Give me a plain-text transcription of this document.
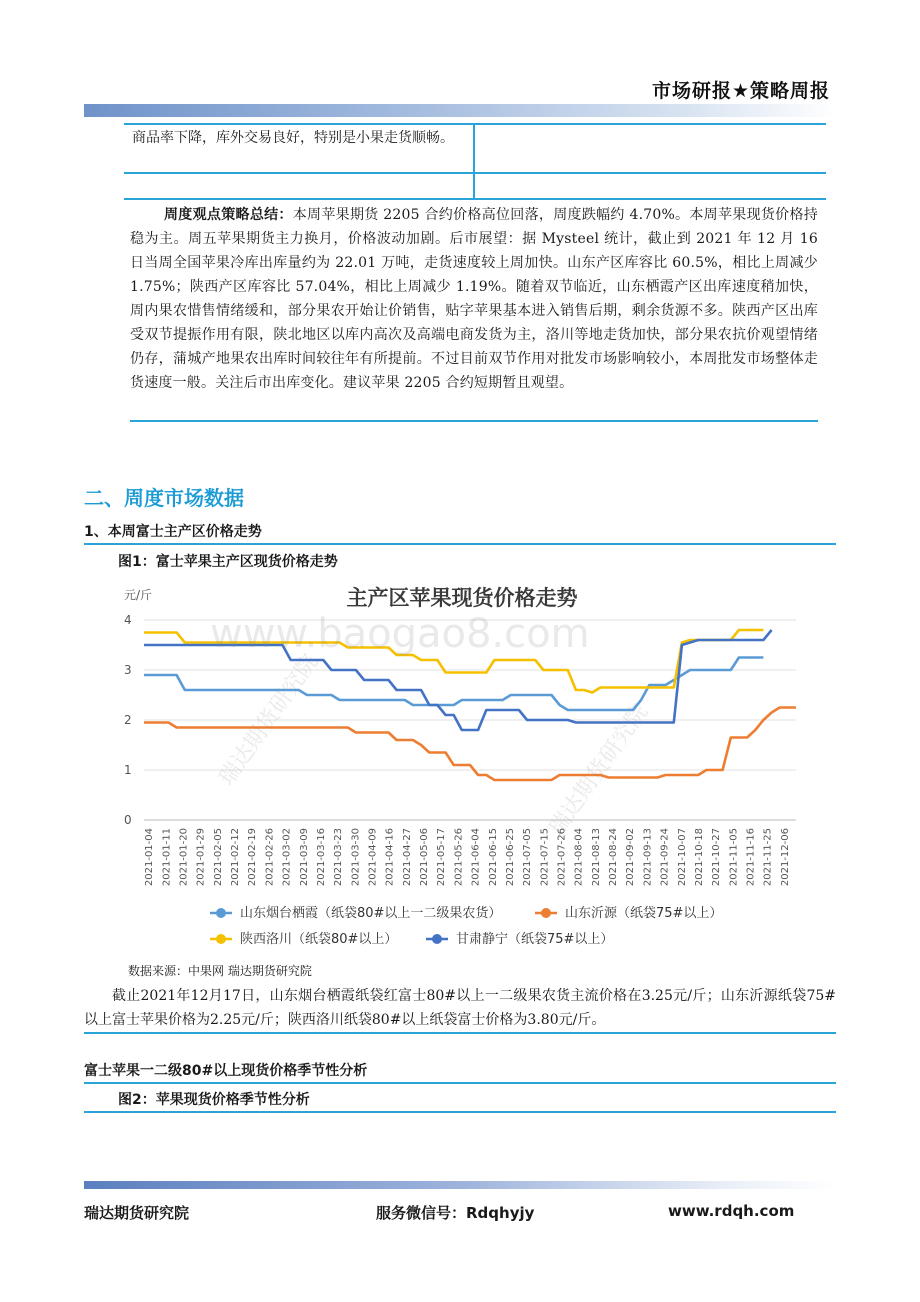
市场研报★策略周报
商品率下降，库外交易良好，特别是小果走货顺畅。
周度观点策略总结：本周苹果期货 2205 合约价格高位回落，周度跌幅约 4.70%。本周苹果现货价格持稳为主。周五苹果期货主力换月，价格波动加剧。后市展望：据 Mysteel 统计，截止到 2021 年 12 月 16 日当周全国苹果冷库出库量约为 22.01 万吨，走货速度较上周加快。山东产区库容比 60.5%，相比上周减少 1.75%；陕西产区库容比 57.04%，相比上周减少 1.19%。随着双节临近，山东栖霞产区出库速度稍加快，周内果农惜售情绪缓和，部分果农开始让价销售，贴字苹果基本进入销售后期，剩余货源不多。陕西产区出库受双节提振作用有限，陕北地区以库内高次及高端电商发货为主，洛川等地走货加快，部分果农抗价观望情绪仍存，蒲城产地果农出库时间较往年有所提前。不过目前双节作用对批发市场影响较小，本周批发市场整体走货速度一般。关注后市出库变化。建议苹果 2205 合约短期暂且观望。
二、周度市场数据
1、本周富士主产区价格走势
图1：富士苹果主产区现货价格走势
主产区苹果现货价格走势
元/斤
0
1
2
3
4
2021-01-04 2021-01-11 2021-01-20 2021-01-29 2021-02-05 2021-02-12 2021-02-19 2021-02-26 2021-03-02 2021-03-09 2021-03-16 2021-03-23 2021-03-30 2021-04-09 2021-04-16 2021-04-27 2021-05-06 2021-05-17 2021-05-26 2021-06-04 2021-06-15 2021-06-25 2021-07-05 2021-07-15 2021-07-26 2021-08-04 2021-08-13 2021-08-24 2021-09-02 2021-09-13 2021-09-24 2021-10-07 2021-10-18 2021-10-27 2021-11-05 2021-11-16 2021-11-25 2021-12-06
山东烟台栖霞（纸袋80#以上一二级果农货）	山东沂源（纸袋75#以上）
陕西洛川（纸袋80#以上）	甘肃静宁（纸袋75#以上）
www.baogao8.com
瑞达期货研究院	瑞达期货研究院
数据来源：中果网 瑞达期货研究院
截止2021年12月17日，山东烟台栖霞纸袋红富士80#以上一二级果农货主流价格在3.25元/斤；山东沂源纸袋75#以上富士苹果价格为2.25元/斤；陕西洛川纸袋80#以上纸袋富士价格为3.80元/斤。
富士苹果一二级80#以上现货价格季节性分析
图2：苹果现货价格季节性分析
瑞达期货研究院	服务微信号：Rdqhyjy	www.rdqh.com
